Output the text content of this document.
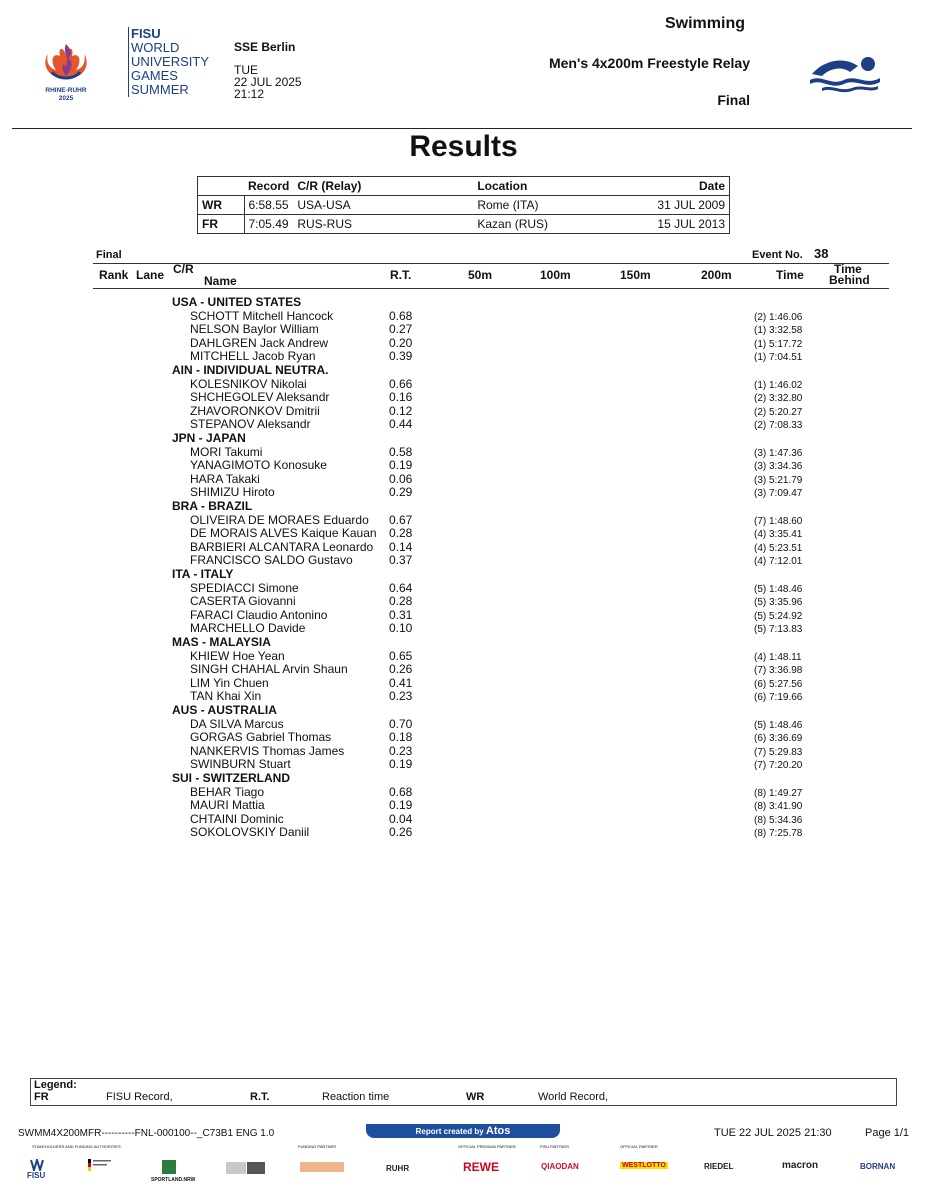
RHINE-RUHR
2025
FISU
WORLD
UNIVERSITY
GAMES
SUMMER
SSE Berlin
TUE
22 JUL 2025
21:12
Swimming
Men's 4x200m Freestyle Relay
Final
Results
	Record	C/R (Relay)	Location	Date
WR	6:58.55	USA-USA	Rome (ITA)	31 JUL 2009
FR	7:05.49	RUS-RUS	Kazan (RUS)	15 JUL 2013
Final	Event No. 38
Rank Lane C/R
Name	R.T.	50m	100m	150m	200m	Time	Time
Behind
USA - UNITED STATES
SCHOTT Mitchell Hancock	0.68	(2) 1:46.06
NELSON Baylor William	0.27	(1) 3:32.58
DAHLGREN Jack Andrew	0.20	(1) 5:17.72
MITCHELL Jacob Ryan	0.39	(1) 7:04.51
AIN - INDIVIDUAL NEUTRA.
KOLESNIKOV Nikolai	0.66	(1) 1:46.02
SHCHEGOLEV Aleksandr	0.16	(2) 3:32.80
ZHAVORONKOV Dmitrii	0.12	(2) 5:20.27
STEPANOV Aleksandr	0.44	(2) 7:08.33
JPN - JAPAN
MORI Takumi	0.58	(3) 1:47.36
YANAGIMOTO Konosuke	0.19	(3) 3:34.36
HARA Takaki	0.06	(3) 5:21.79
SHIMIZU Hiroto	0.29	(3) 7:09.47
BRA - BRAZIL
OLIVEIRA DE MORAES Eduardo 0.67	(7) 1:48.60
DE MORAIS ALVES Kaique Kauan 0.28	(4) 3:35.41
BARBIERI ALCANTARA Leonardo 0.14	(4) 5:23.51
FRANCISCO SALDO Gustavo	0.37	(4) 7:12.01
ITA - ITALY
SPEDIACCI Simone	0.64	(5) 1:48.46
CASERTA Giovanni	0.28	(5) 3:35.96
FARACI Claudio Antonino	0.31	(5) 5:24.92
MARCHELLO Davide	0.10	(5) 7:13.83
MAS - MALAYSIA
KHIEW Hoe Yean	0.65	(4) 1:48.11
SINGH CHAHAL Arvin Shaun	0.26	(7) 3:36.98
LIM Yin Chuen	0.41	(6) 5:27.56
TAN Khai Xin	0.23	(6) 7:19.66
AUS - AUSTRALIA
DA SILVA Marcus	0.70	(5) 1:48.46
GORGAS Gabriel Thomas	0.18	(6) 3:36.69
NANKERVIS Thomas James	0.23	(7) 5:29.83
SWINBURN Stuart	0.19	(7) 7:20.20
SUI - SWITZERLAND
BEHAR Tiago	0.68	(8) 1:49.27
MAURI Mattia	0.19	(8) 3:41.90
CHTAINI Dominic	0.04	(8) 5:34.36
SOKOLOVSKIY Daniil	0.26	(8) 7:25.78
Legend:
FR	FISU Record,	R.T.	Reaction time	WR	World Record,
SWMM4X200MFR----------FNL-000100--_C73B1 ENG 1.0	Report created by Atos	TUE 22 JUL 2025 21:30	Page 1/1
STAKEHOLDERS AND FUNDING AUTHORITIES	FUNDING PARTNER	OFFICIAL PREMIUM PARTNER	FISU PARTNER	OFFICIAL PARTNER
FISU	SPORTLAND.NRW
RUHR	REWE	QIAODAN	WESTLOTTO	RIEDEL	macron	BORNAN
